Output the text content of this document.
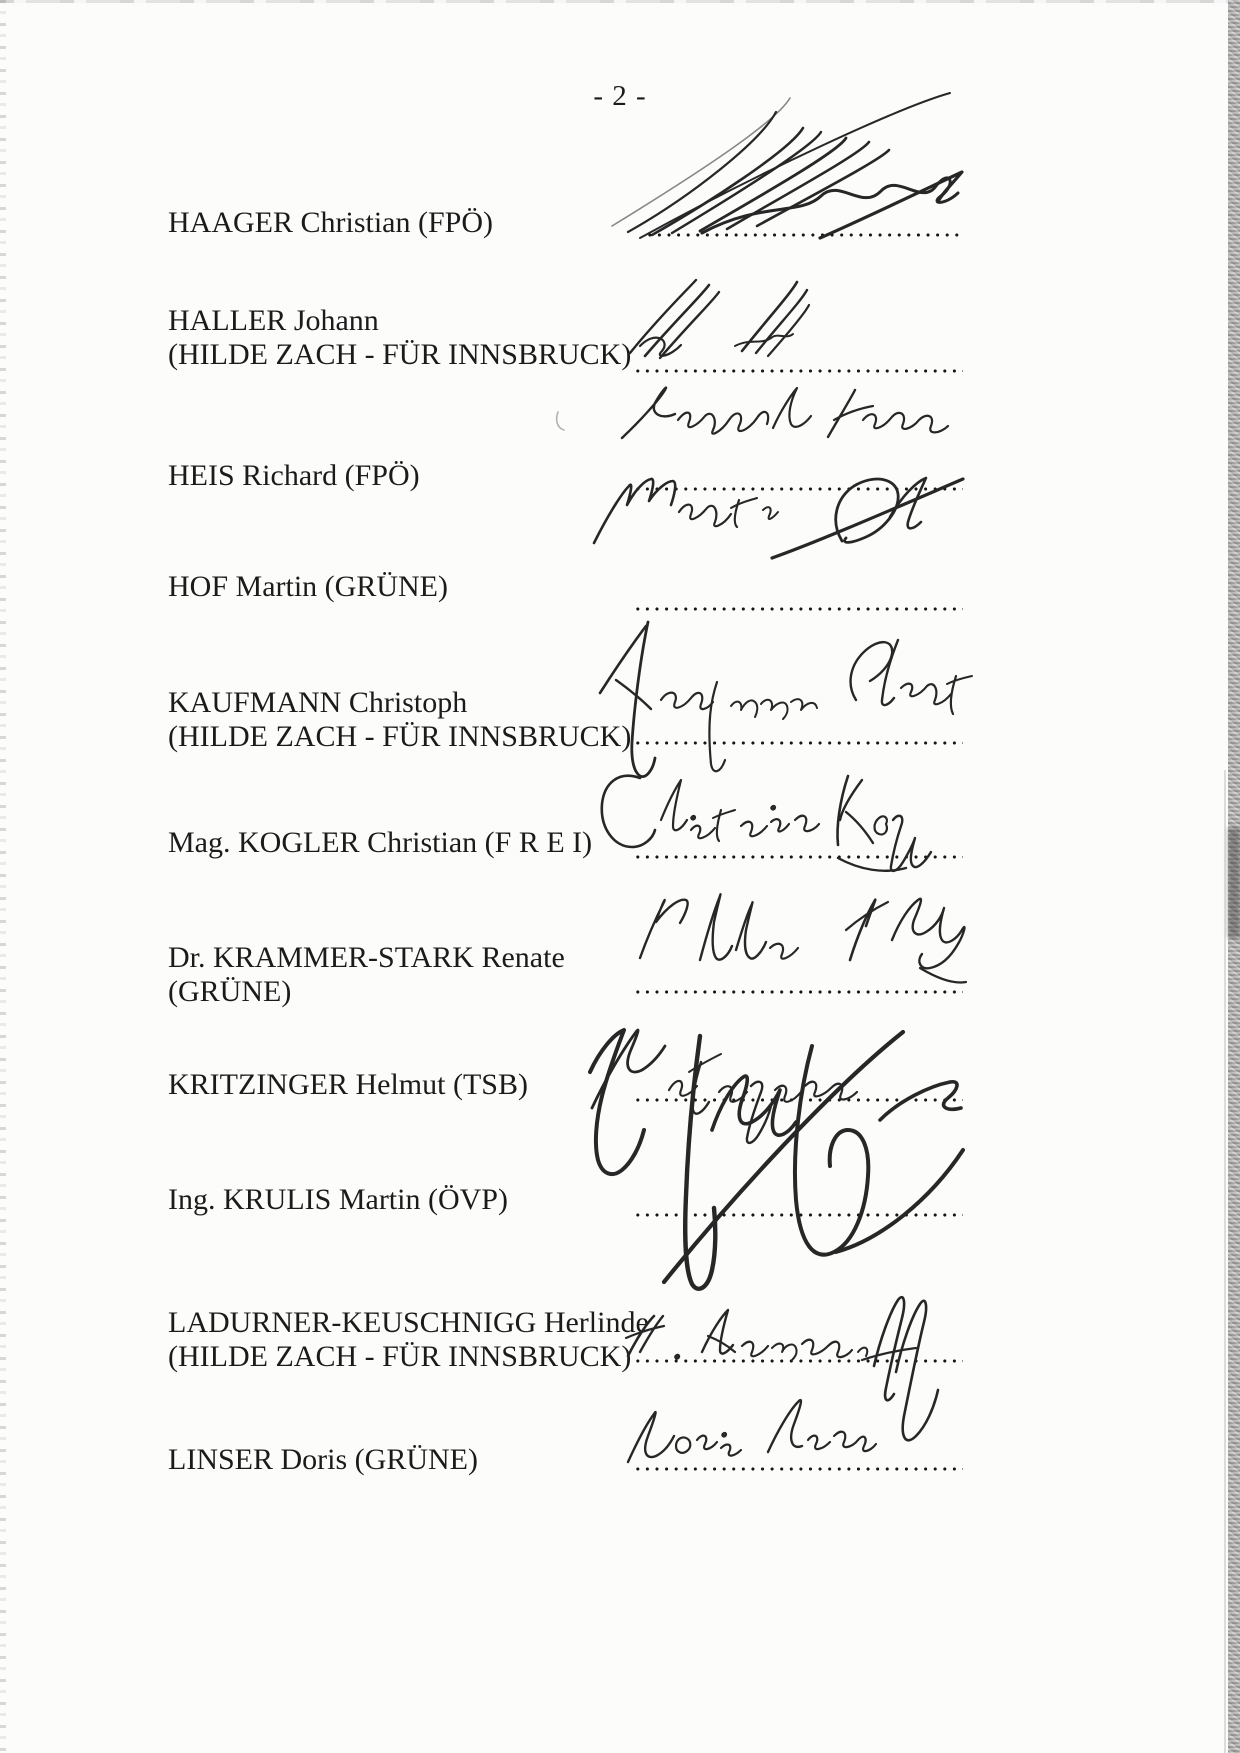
- 2 -
HAAGER Christian (FPÖ)
HALLER Johann
(HILDE ZACH - FÜR INNSBRUCK)
HEIS Richard (FPÖ)
HOF Martin (GRÜNE)
KAUFMANN Christoph
(HILDE ZACH - FÜR INNSBRUCK)
Mag. KOGLER Christian (F R E I)
Dr. KRAMMER-STARK Renate
(GRÜNE)
KRITZINGER Helmut (TSB)
Ing. KRULIS Martin (ÖVP)
LADURNER-KEUSCHNIGG Herlinde
(HILDE ZACH - FÜR INNSBRUCK)
LINSER Doris (GRÜNE)
